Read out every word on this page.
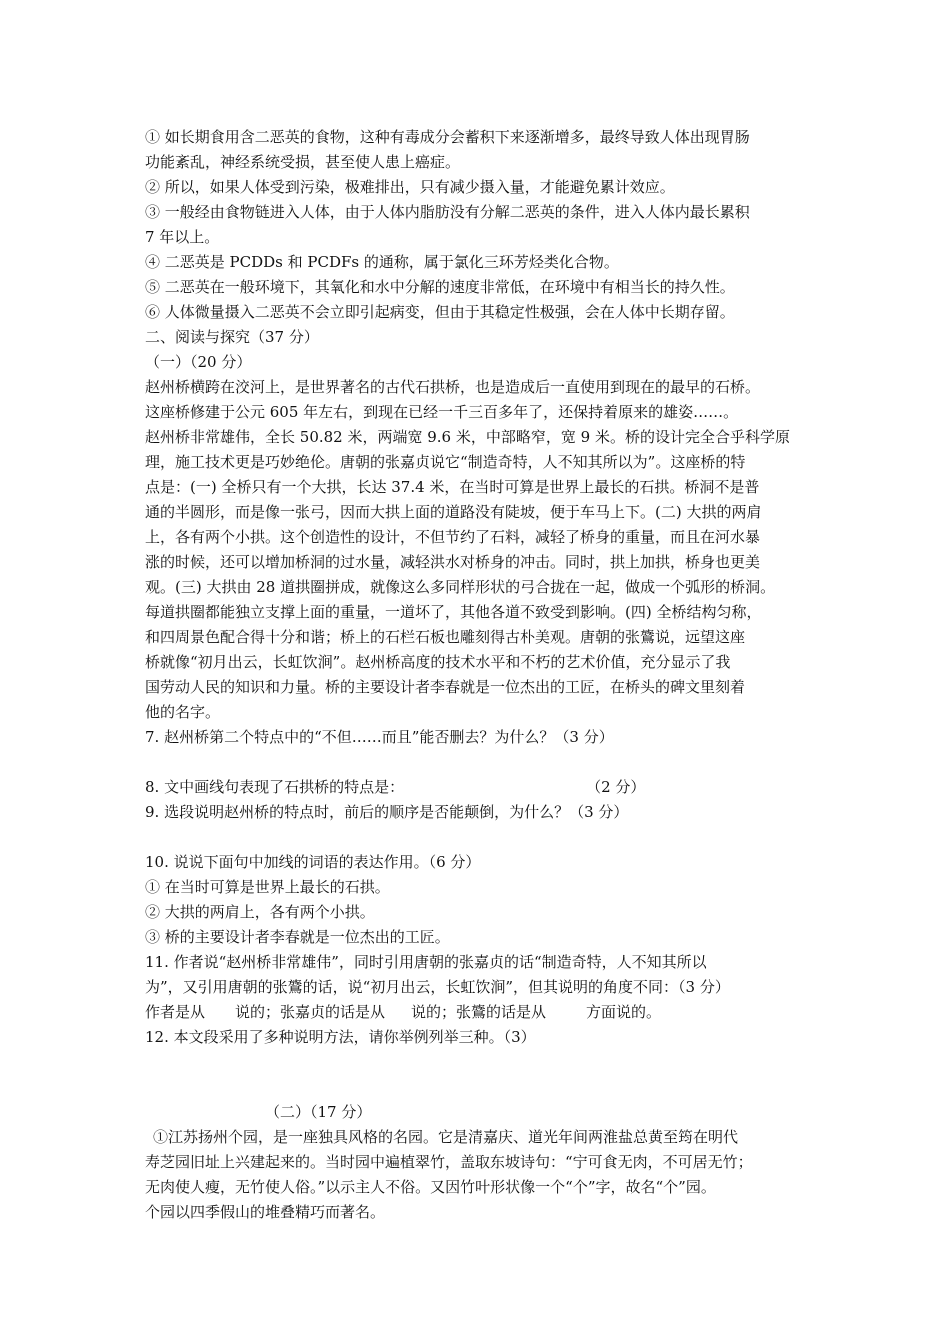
① 如长期食用含二恶英的食物，这种有毒成分会蓄积下来逐渐增多，最终导致人体出现胃肠
功能紊乱，神经系统受损，甚至使人患上癌症。
② 所以，如果人体受到污染，极难排出，只有减少摄入量，才能避免累计效应。
③ 一般经由食物链进入人体，由于人体内脂肪没有分解二恶英的条件，进入人体内最长累积
7 年以上。
④ 二恶英是 PCDDs 和 PCDFs 的通称，属于氯化三环芳烃类化合物。
⑤ 二恶英在一般环境下，其氧化和水中分解的速度非常低，在环境中有相当长的持久性。
⑥ 人体微量摄入二恶英不会立即引起病变，但由于其稳定性极强，会在人体中长期存留。
二、阅读与探究（37 分）
（一）（20 分）
赵州桥横跨在洨河上，是世界著名的古代石拱桥，也是造成后一直使用到现在的最早的石桥。
这座桥修建于公元 605 年左右，到现在已经一千三百多年了，还保持着原来的雄姿……。
赵州桥非常雄伟，全长 50.82 米，两端宽 9.6 米，中部略窄，宽 9 米。桥的设计完全合乎科学原
理，施工技术更是巧妙绝伦。唐朝的张嘉贞说它“制造奇特，人不知其所以为”。这座桥的特
点是：(一) 全桥只有一个大拱，长达 37.4 米，在当时可算是世界上最长的石拱。桥洞不是普
通的半圆形，而是像一张弓，因而大拱上面的道路没有陡坡，便于车马上下。(二) 大拱的两肩
上，各有两个小拱。这个创造性的设计，不但节约了石料，减轻了桥身的重量，而且在河水暴
涨的时候，还可以增加桥洞的过水量，减轻洪水对桥身的冲击。同时，拱上加拱，桥身也更美
观。(三) 大拱由 28 道拱圈拼成，就像这么多同样形状的弓合拢在一起，做成一个弧形的桥洞。
每道拱圈都能独立支撑上面的重量，一道坏了，其他各道不致受到影响。(四) 全桥结构匀称，
和四周景色配合得十分和谐；桥上的石栏石板也雕刻得古朴美观。唐朝的张鷟说，远望这座
桥就像“初月出云，长虹饮涧”。赵州桥高度的技术水平和不朽的艺术价值，充分显示了我
国劳动人民的知识和力量。桥的主要设计者李春就是一位杰出的工匠，在桥头的碑文里刻着
他的名字。
7. 赵州桥第二个特点中的“不但……而且”能否删去？为什么？（3 分）
8. 文中画线句表现了石拱桥的特点是：	（2 分）
9. 选段说明赵州桥的特点时，前后的顺序是否能颠倒，为什么？（3 分）
10. 说说下面句中加线的词语的表达作用。（6 分）
① 在当时可算是世界上最长的石拱。
② 大拱的两肩上，各有两个小拱。
③ 桥的主要设计者李春就是一位杰出的工匠。
11. 作者说“赵州桥非常雄伟”，同时引用唐朝的张嘉贞的话“制造奇特，人不知其所以
为”，又引用唐朝的张鷟的话，说“初月出云，长虹饮涧”，但其说明的角度不同：（3 分）
作者是从 说的；张嘉贞的话是从 说的；张鷟的话是从	方面说的。
12. 本文段采用了多种说明方法，请你举例列举三种。（3）
（二）（17 分）
①江苏扬州个园，是一座独具风格的名园。它是清嘉庆、道光年间两淮盐总黄至筠在明代
寿芝园旧址上兴建起来的。当时园中遍植翠竹，盖取东坡诗句：“宁可食无肉，不可居无竹；
无肉使人瘦，无竹使人俗。”以示主人不俗。又因竹叶形状像一个“个”字，故名“个”园。
个园以四季假山的堆叠精巧而著名。
